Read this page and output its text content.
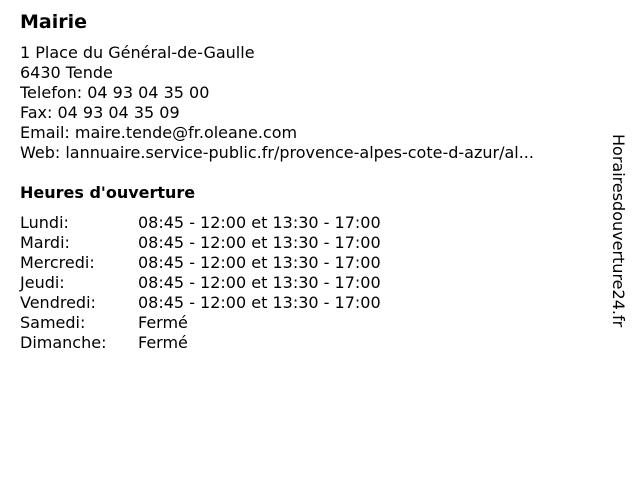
Mairie
1 Place du Général-de-Gaulle
6430 Tende
Telefon: 04 93 04 35 00
Fax: 04 93 04 35 09
Email: maire.tende@fr.oleane.com
Web: lannuaire.service-public.fr/provence-alpes-cote-d-azur/al...
Heures d'ouverture
Lundi:	08:45 - 12:00 et 13:30 - 17:00
Mardi:	08:45 - 12:00 et 13:30 - 17:00
Mercredi:	08:45 - 12:00 et 13:30 - 17:00
Jeudi:	08:45 - 12:00 et 13:30 - 17:00
Vendredi:	08:45 - 12:00 et 13:30 - 17:00
Samedi:	Fermé
Dimanche: Fermé
Horairesdouverture24.fr
